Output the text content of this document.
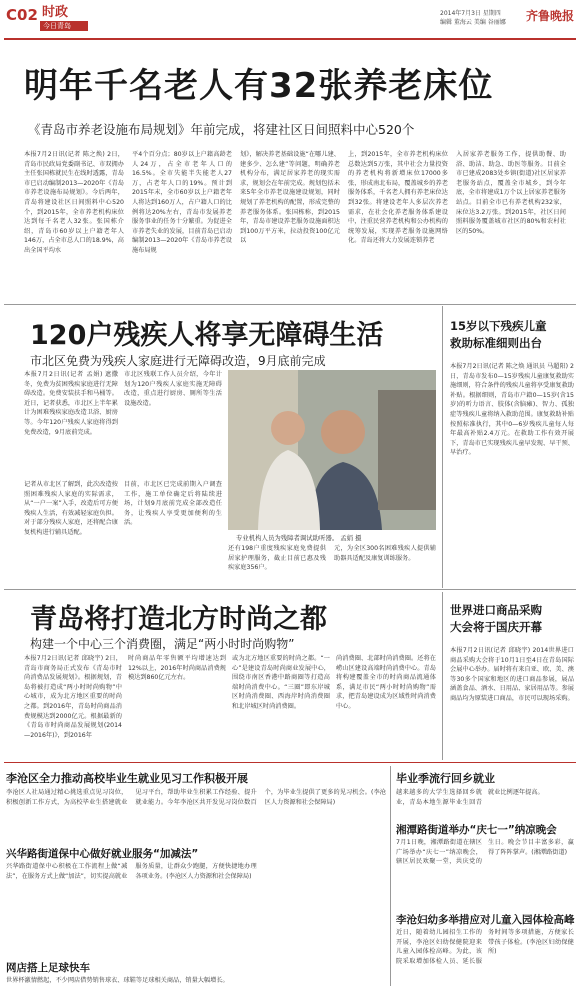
C02 时政
今日青岛
2014年7月3日 星期四
编辑 董海云 美编 谷丽娜 齐鲁晚报
明年千名老人有32张养老床位
《青岛市养老设施布局规划》年前完成，将建社区日间照料中心520个
本报7月2日讯(记者 陈之焕) 2日，青岛市民政局党委副书记、市双拥办主任张国栋就民生在线时透露，青岛市已启动编制2013—2020年《青岛市养老设施布局规划》。今后两年，青岛将建设社区日间照料中心520个，到2015年，全市养老机构床位达到每千名老人32张。张国栋介绍，青岛市60岁以上户籍老年人146万，占全市总人口的18.9%，高出全国平均水
平4个百分点；80岁以上户籍高龄老人24万，占全市老年人口的16.5%。全市失能半失能老人27万，占老年人口的19%。预计到2015年末，全市60岁以上户籍老年人将达到160万人，占户籍人口的比例将达20%左右，青岛市发展养老服务事业的任务十分繁重。为促进全市养老失业的发展，目前青岛已启动编制2013—2020年《青岛市养老设施布局规
划》，解决养老基础设施“在哪儿建、建多少、怎么建”等问题，明确养老机构分布，满足居家养老的现实需求，规划会在年前完成。规划包括未来5年全市养老设施建设规划，同时规划了养老机构的配置，形成完整的养老服务体系。张国栋称，到2015年，青岛市建设养老服务设施面积达到100万平方米，拉动投资100亿元以
上，到2015年，全市养老机构床位总数达到5万张，其中社会力量投资的养老机构将新增床位17000多张，形成南北布局，覆盖城乡的养老服务体系，千名老人拥有养老床位达到32张。将建设老年人多层次养老需求，在社会化养老服务体系建设中，注重民营养老机构和公办机构的统筹发展，实现养老服务设施网络化。青岛还将大力发展连锁养老
入居家养老服务工作，提供助餐、助浴、助洁、助急、助医等服务。目前全市已建成2083处乡镇(街道)社区居家养老服务站点，覆盖全市城乡，到今年底，全市将建成1万个以上居家养老服务站点。目前全市已有养老机构232家，床位达3.2万张。到2015年，社区日间照料服务覆盖城市社区的80%和农村社区的50%。
120户残疾人将享无障碍生活
市北区免费为残疾人家庭进行无障碍改造，9月底前完成
本报7月2日讯(记者 孟娟) 遮撒冬，免费为贫困残疾家庭进行无障碍改造。免费安装扶手和马桶等。近日，记者获悉，市北区上半年累计为困难残疾家庭改造卫浴、厨房等。今年120户残疾人家庭将得到免费改造，9月底前完成。
记者从市北区了解到，此次改造按照困难残疾人家庭的实际需求，从“一户一案”入手，改造后可方便残疾人生活，有效减轻家庭负担。对于部分残疾人家庭，还将配合康复机构进行辅具适配。
市北区残联工作人员介绍，今年计划为120户残疾人家庭实施无障碍改造，重点进行厨房、厕所等生活设施改造。
目前，市北区已完成前期入户调查工作，施工单位确定后将陆续进场，计划9月底前完成全部改造任务，让残疾人享受更加便利的生活。
专业机构人员为残障者调试助听器。 孟娟 摄
还有198户重度残疾家庭免费提供居家护理服务，截止目前已惠及残疾家庭356户。
元，为全区300名困难残疾人提供辅助器具适配及康复训练服务。
15岁以下残疾儿童
救助标准细则出台
本报7月2日讯(记者 陈之焕 通讯员 马超阳) 2日，青岛市发布0—15岁残疾儿童康复救助实施细则，符合条件的残疾儿童将享受康复救助补贴。根据细则，青岛市户籍0—15岁(含15岁)的听力语言、肢体(含脑瘫)、智力、孤独症等残疾儿童将纳入救助范围。康复救助补贴按照标准执行，其中0—6岁残疾儿童每人每年最高补贴2.4万元。在救助工作有效开展下，青岛市已实现残疾儿童早发现、早干预、早治疗。
青岛将打造北方时尚之都
构建一个中心三个消费圈，满足“两小时时尚购物”
本报7月2日讯(记者 邱晓宇) 2日，青岛市商务局正式发布《青岛市时尚消费品发展规划》。根据规划，青岛将被打造成“两小时时尚购物”中心城市，成为北方地区重要的时尚之都。到2016年，青岛时尚商品消费规模达到2000亿元。根据最新的《青岛市时尚商品发展规划(2014—2016年)》，到2016年
时尚商品年零售额平均增速达到12%以上，2016年时尚商品消费规模达到860亿元左右。
或为北方地区重要的时尚之都。“一心”是建设青岛时尚商业发展中心，围绕市南区香港中路商圈等打造高端时尚消费中心。“三圈”即东岸城区时尚消费圈、西海岸时尚消费圈和北岸城区时尚消费圈。
尚消费圈、北部时尚消费圈。还将在崂山区建设高端时尚消费中心。青岛将构建覆盖全市的时尚商品流通体系，满足市民“两小时时尚购物”需求，把青岛建设成为区域性时尚消费中心。
世界进口商品采购
大会将于国庆开幕
本报7月2日讯(记者 邱晓宇) 2014世界进口商品采购大会将于10月1日至4日在青岛国际会展中心举办。届时将有来自亚、欧、美、澳等30多个国家和地区的进口商品参展，展品涵盖食品、酒水、日用品、家居用品等。参展商品均为原装进口商品，市民可以现场采购。
李沧区全力推动高校毕业生就业见习工作积极开展
李沧区人社局通过精心挑选重点见习岗位，积极创新工作方式，为高校毕业生搭建就业见习平台，帮助毕业生积累工作经验、提升就业能力。今年李沧区共开发见习岗位数百个，为毕业生提供了更多的见习机会。(李沧区人力资源和社会保障局)
兴华路街道保中心做好就业服务“加减法”
兴华路街道保中心积极在工作流程上做“减法”，在服务方式上做“加法”，切实提高就业服务质量，让群众少跑腿，方便快捷地办理各项业务。(李沧区人力资源和社会保障局)
网店搭上足球快车
世界杯激情燃起，不少网店借势销售球衣、球鞋等足球相关商品，销量大幅增长。
毕业季流行回乡就业
越来越多的大学生选择回乡就业，青岛本地生源毕业生回青就业比例逐年提高。
湘潭路街道举办“庆七一”纳凉晚会
7月1日晚，湘潭路街道在辖区广场举办“庆七一”纳凉晚会，辖区居民欢聚一堂，共庆党的生日。晚会节目丰富多彩，赢得了阵阵掌声。(湘潭路街道)
李沧妇幼多举措应对儿童入园体检高峰
近日，随着幼儿园招生工作的开展，李沧区妇幼保健院迎来儿童入园体检高峰。为此，该院采取增加体检人员、延长服务时间等多项措施，方便家长带孩子体检。(李沧区妇幼保健所)
